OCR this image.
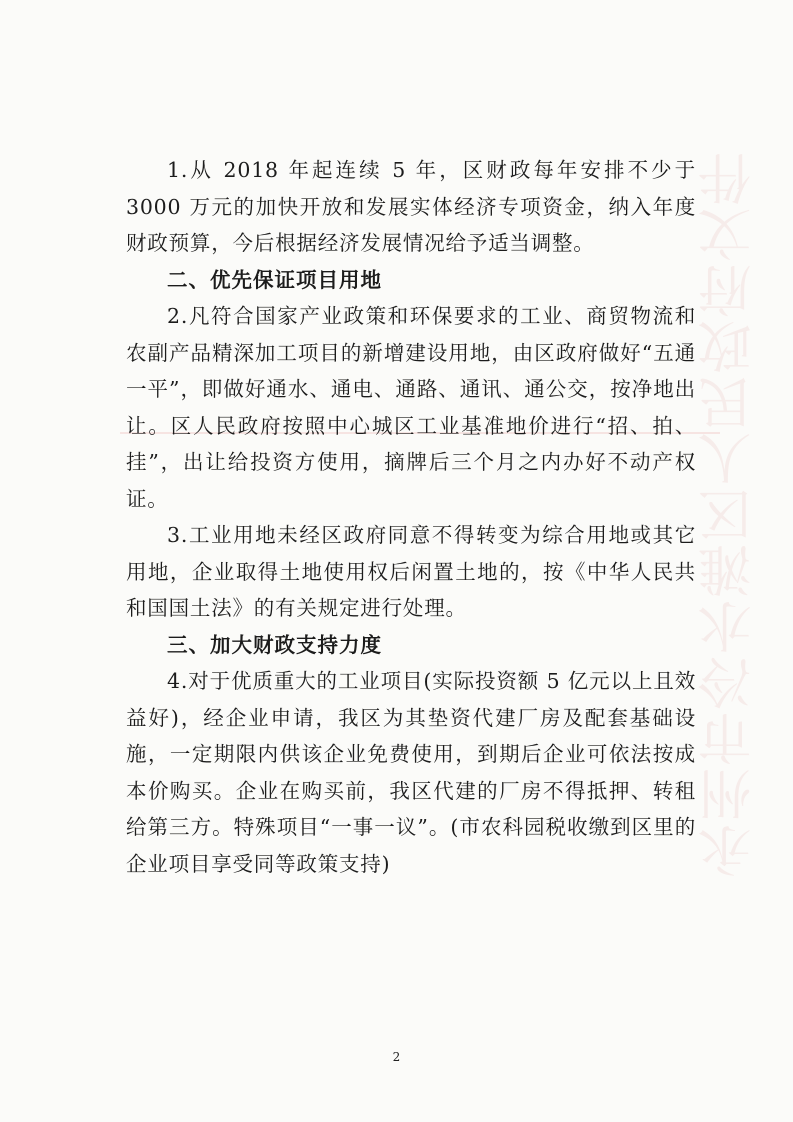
永州市冷水滩区人民政府文件

1.从 2018 年起连续 5 年，区财政每年安排不少于 3000 万元的加快开放和发展实体经济专项资金，纳入年度财政预算，今后根据经济发展情况给予适当调整。

二、优先保证项目用地

2.凡符合国家产业政策和环保要求的工业、商贸物流和农副产品精深加工项目的新增建设用地，由区政府做好“五通一平”，即做好通水、通电、通路、通讯、通公交，按净地出让。区人民政府按照中心城区工业基准地价进行“招、拍、挂”，出让给投资方使用，摘牌后三个月之内办好不动产权证。

3.工业用地未经区政府同意不得转变为综合用地或其它用地，企业取得土地使用权后闲置土地的，按《中华人民共和国国土法》的有关规定进行处理。

三、加大财政支持力度

4.对于优质重大的工业项目(实际投资额 5 亿元以上且效益好)，经企业申请，我区为其垫资代建厂房及配套基础设施，一定期限内供该企业免费使用，到期后企业可依法按成本价购买。企业在购买前，我区代建的厂房不得抵押、转租给第三方。特殊项目“一事一议”。(市农科园税收缴到区里的企业项目享受同等政策支持)

2
